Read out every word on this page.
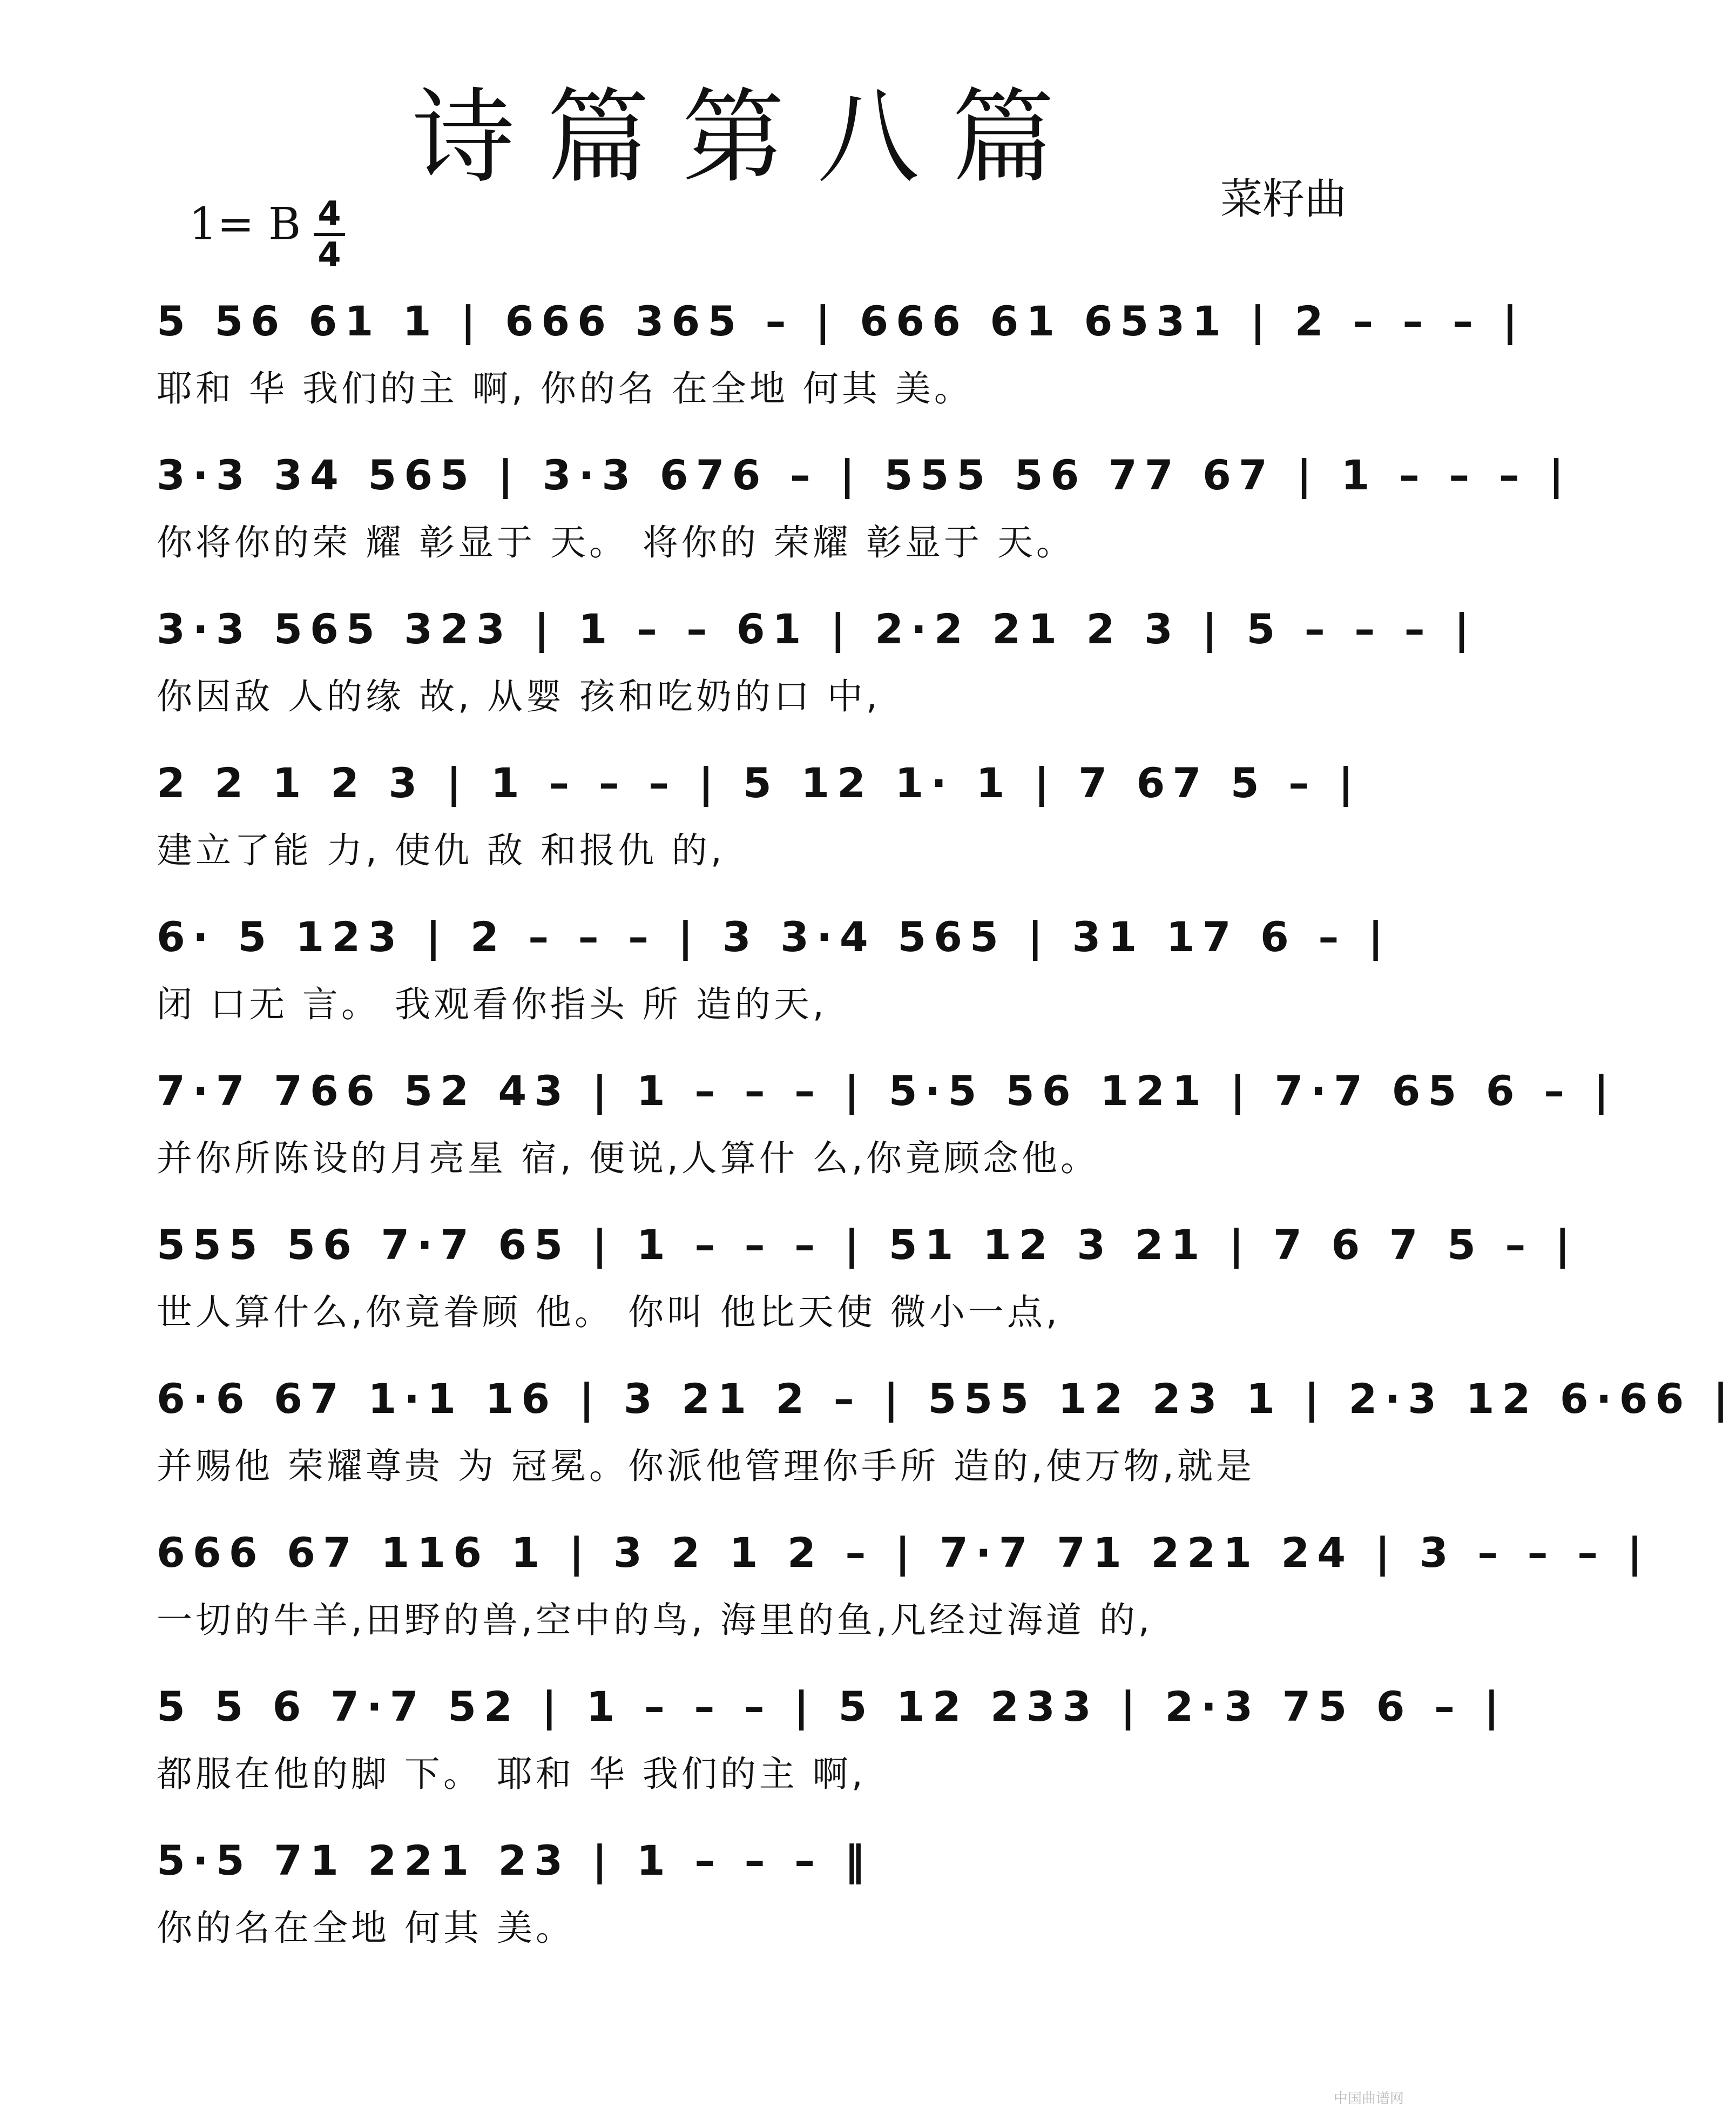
诗篇第八篇
菜籽曲
1= B 4
4
5 56 61 1 | 666 365 – | 666 61 6531 | 2 – – – |
耶和 华 我们的主 啊, 你的名 在全地 何其 美。
3·3 34 565 | 3·3 676 – | 555 56 77 67 | 1 – – – |
你将你的荣 耀 彰显于 天。 将你的 荣耀 彰显于 天。
3·3 565 323 | 1 – – 61 | 2·2 21 2 3 | 5 – – – |
你因敌 人的缘 故, 从婴 孩和吃奶的口 中,
2 2 1 2 3 | 1 – – – | 5 12 1· 1 | 7 67 5 – |
建立了能 力, 使仇 敌 和报仇 的,
6· 5 123 | 2 – – – | 3 3·4 565 | 31 17 6 – |
闭 口无 言。 我观看你指头 所 造的天,
7·7 766 52 43 | 1 – – – | 5·5 56 121 | 7·7 65 6 – |
并你所陈设的月亮星 宿, 便说,人算什 么,你竟顾念他。
555 56 7·7 65 | 1 – – – | 51 12 3 21 | 7 6 7 5 – |
世人算什么,你竟眷顾 他。 你叫 他比天使 微小一点,
6·6 67 1·1 16 | 3 21 2 – | 555 12 23 1 | 2·3 12 6·66 |
并赐他 荣耀尊贵 为 冠冕。你派他管理你手所 造的,使万物,就是
666 67 116 1 | 3 2 1 2 – | 7·7 71 221 24 | 3 – – – |
一切的牛羊,田野的兽,空中的鸟, 海里的鱼,凡经过海道 的,
5 5 6 7·7 52 | 1 – – – | 5 12 233 | 2·3 75 6 – |
都服在他的脚 下。 耶和 华 我们的主 啊,
5·5 71 221 23 | 1 – – – ‖
你的名在全地 何其 美。
中国曲谱网
